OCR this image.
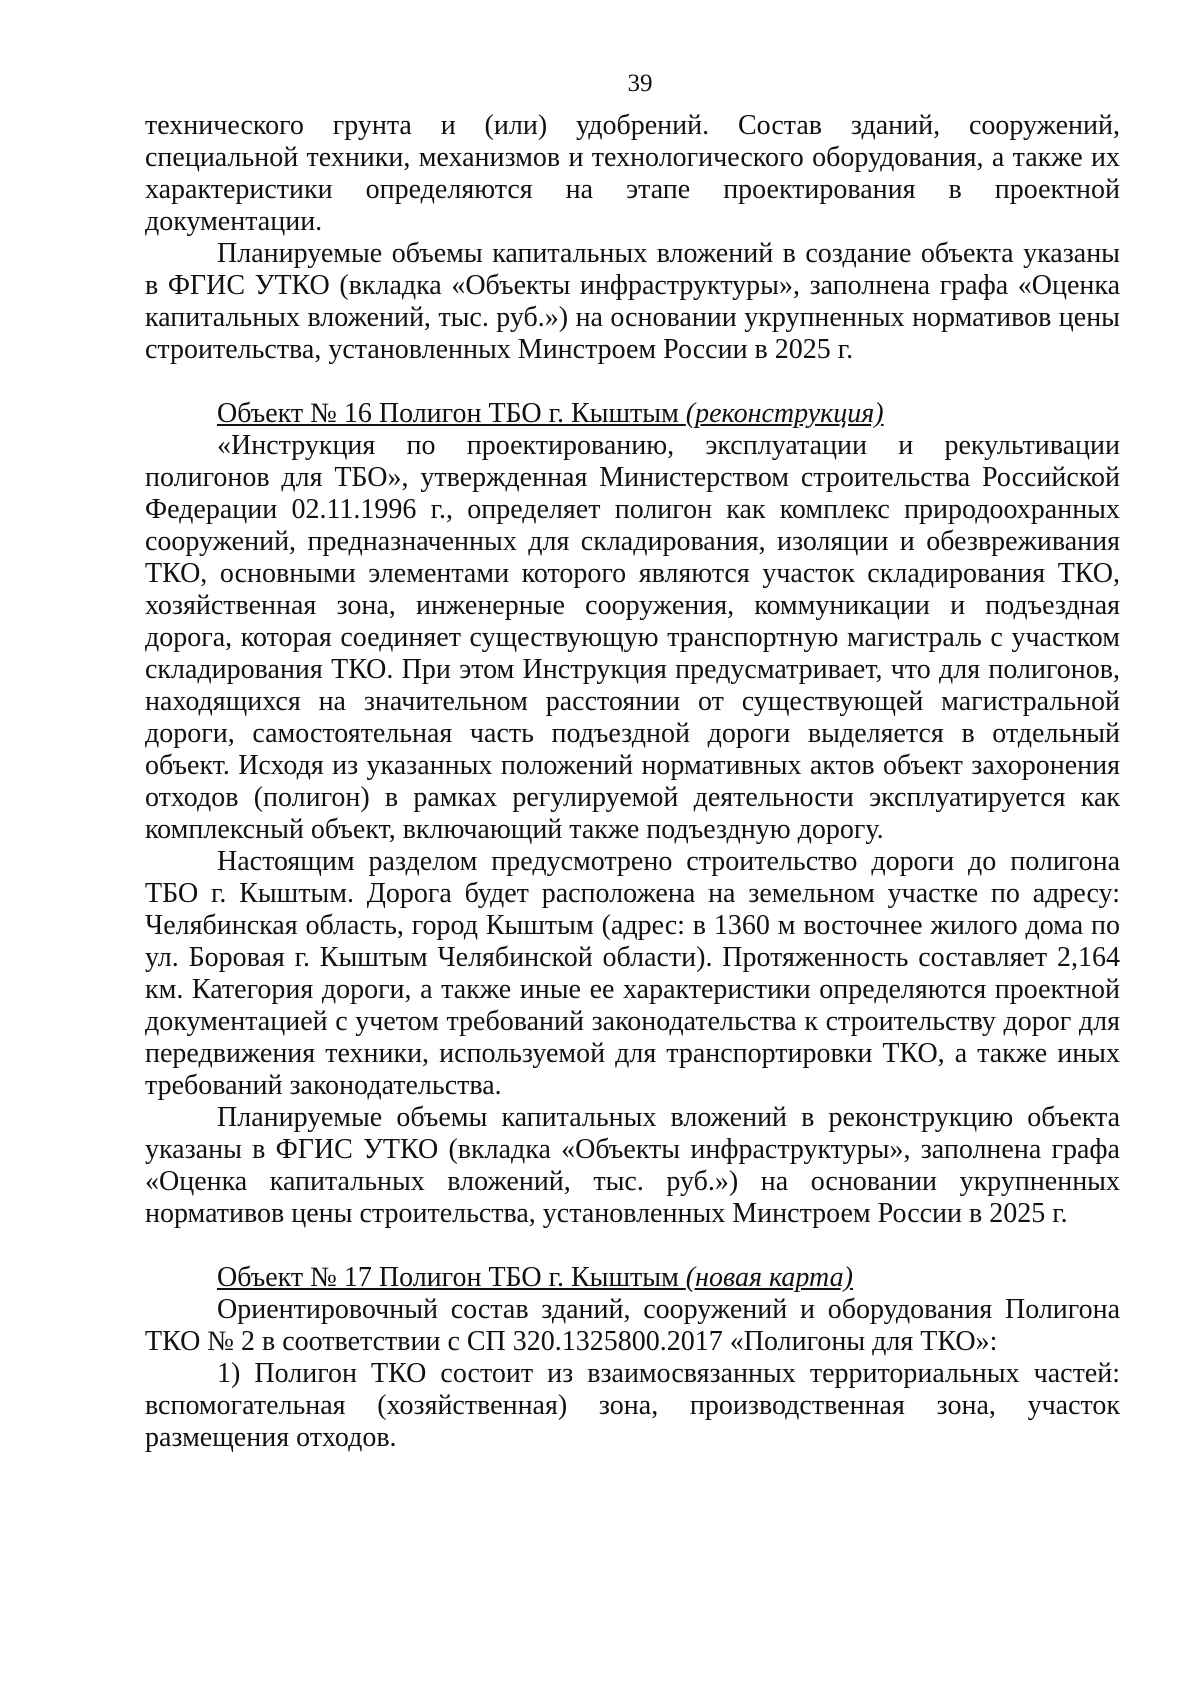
39

технического грунта и (или) удобрений. Состав зданий, сооружений, специальной техники, механизмов и технологического оборудования, а также их характеристики определяются на этапе проектирования в проектной документации.

Планируемые объемы капитальных вложений в создание объекта указаны в ФГИС УТКО (вкладка «Объекты инфраструктуры», заполнена графа «Оценка капитальных вложений, тыс. руб.») на основании укрупненных нормативов цены строительства, установленных Минстроем России в 2025 г.

Объект № 16 Полигон ТБО г. Кыштым (реконструкция)

«Инструкция по проектированию, эксплуатации и рекультивации полигонов для ТБО», утвержденная Министерством строительства Российской Федерации 02.11.1996 г., определяет полигон как комплекс природоохранных сооружений, предназначенных для складирования, изоляции и обезвреживания ТКО, основными элементами которого являются участок складирования ТКО, хозяйственная зона, инженерные сооружения, коммуникации и подъездная дорога, которая соединяет существующую транспортную магистраль с участком складирования ТКО. При этом Инструкция предусматривает, что для полигонов, находящихся на значительном расстоянии от существующей магистральной дороги, самостоятельная часть подъездной дороги выделяется в отдельный объект. Исходя из указанных положений нормативных актов объект захоронения отходов (полигон) в рамках регулируемой деятельности эксплуатируется как комплексный объект, включающий также подъездную дорогу.

Настоящим разделом предусмотрено строительство дороги до полигона ТБО г. Кыштым. Дорога будет расположена на земельном участке по адресу: Челябинская область, город Кыштым (адрес: в 1360 м восточнее жилого дома по ул. Боровая г. Кыштым Челябинской области). Протяженность составляет 2,164 км. Категория дороги, а также иные ее характеристики определяются проектной документацией с учетом требований законодательства к строительству дорог для передвижения техники, используемой для транспортировки ТКО, а также иных требований законодательства.

Планируемые объемы капитальных вложений в реконструкцию объекта указаны в ФГИС УТКО (вкладка «Объекты инфраструктуры», заполнена графа «Оценка капитальных вложений, тыс. руб.») на основании укрупненных нормативов цены строительства, установленных Минстроем России в 2025 г.

Объект № 17 Полигон ТБО г. Кыштым (новая карта)

Ориентировочный состав зданий, сооружений и оборудования Полигона ТКО № 2 в соответствии с СП 320.1325800.2017 «Полигоны для ТКО»:

1) Полигон ТКО состоит из взаимосвязанных территориальных частей: вспомогательная (хозяйственная) зона, производственная зона, участок размещения отходов.
